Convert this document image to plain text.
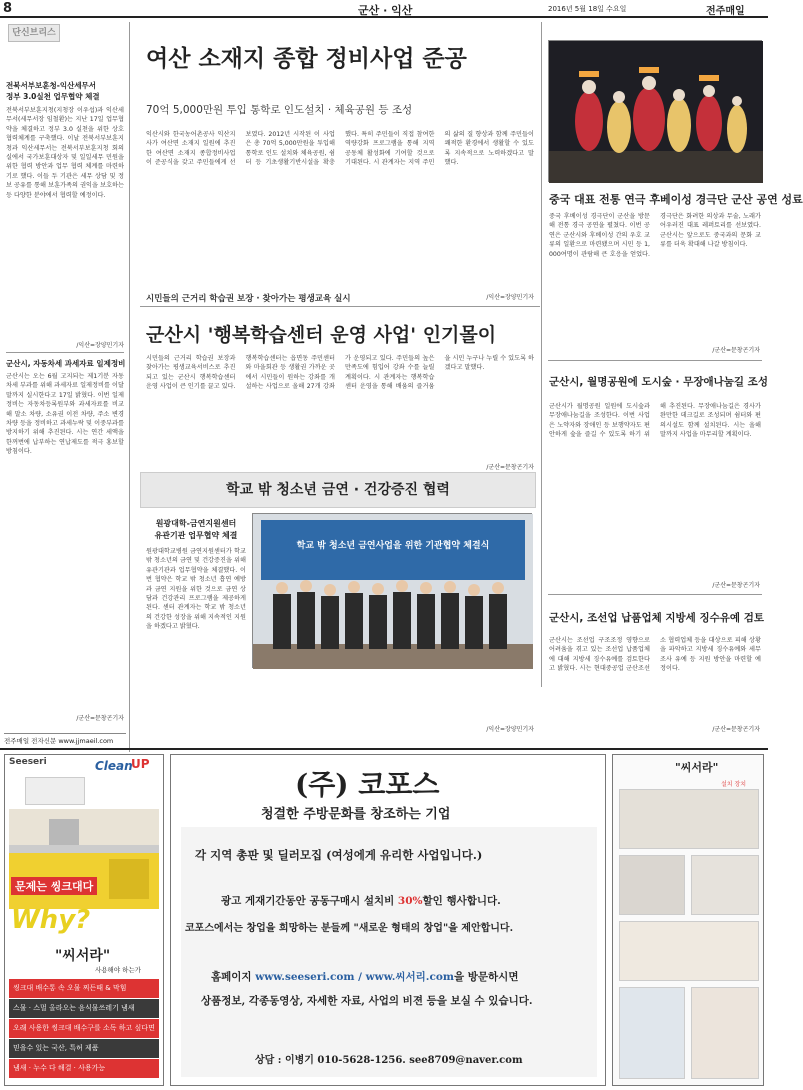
8	군산 · 익산	2016년 5월 18일 수요일	전주매일
단신브리스
전북서부보훈청-익산세무서
정부 3.0실천 업무협약 체결
전북서부보훈지청(지청장 이우섭)과 익산세무서(세무서장 임철환)는 지난 17일 업무협약을 체결하고 정부 3.0 실천을 위한 상호 협력체계를 구축했다. 이날 전북서부보훈지청과 익산세무서는 전북서부보훈지청 회의실에서 국가보훈대상자 및 일일세무 민원을 위한 협력 방안과 업무 협력 체계를 마련하기로 했다. 이들 두 기관은 세무 상담 및 정보 공유를 통해 보훈가족의 권익을 보호하는 등 다양한 분야에서 협력할 예정이다.
/익산=장양민기자
군산시, 자동차세 과세자료 일제정비
군산시는 오는 6월 고지되는 제1기분 자동차세 부과를 위해 과세자료 일제정비를 이달 말까지 실시한다고 17일 밝혔다. 이번 일제정비는 자동차등록원부와 과세자료를 비교해 말소 차량, 소유권 이전 차량, 주소 변경 차량 등을 정비하고 과세누락 및 이중부과를 방지하기 위해 추진된다. 시는 연간 세액을 한꺼번에 납부하는 연납제도를 적극 홍보할 방침이다.
/군산=문창곤기자
전주매일 전자신문 www.jjmaeil.com
여산 소재지 종합 정비사업 준공
70억 5,000만원 투입 통학로 인도설치 · 체육공원 등 조성
익산시와 한국농어촌공사 익산지사가 여산면 소재지 일원에 추진한 여산면 소재지 종합정비사업이 준공식을 갖고 주민들에게 선보였다. 2012년 시작된 이 사업은 총 70억 5,000만원을 투입해 통학로 인도 설치와 체육공원, 쉼터 등 기초생활기반시설을 확충했다. 특히 주민들이 직접 참여한 역량강화 프로그램을 통해 지역 공동체 활성화에 기여할 것으로 기대된다. 시 관계자는 지역 주민의 삶의 질 향상과 함께 주민들이 쾌적한 환경에서 생활할 수 있도록 지속적으로 노력하겠다고 말했다.
/익산=장양민기자
중국 대표 전통 연극 후베이성 경극단 군산 공연 성료
중국 후베이성 경극단이 군산을 방문해 전통 경극 공연을 펼쳤다. 이번 공연은 군산시와 후베이성 간의 우호 교류의 일환으로 마련됐으며 시민 등 1,000여명이 관람해 큰 호응을 얻었다. 경극단은 화려한 의상과 무술, 노래가 어우러진 대표 레퍼토리를 선보였다. 군산시는 앞으로도 중국과의 문화 교류를 더욱 확대해 나갈 방침이다.
/군산=문창곤기자
시민들의 근거리 학습권 보장 · 찾아가는 평생교육 실시
군산시 '행복학습센터 운영 사업' 인기몰이
시민들의 근거리 학습권 보장과 찾아가는 평생교육서비스로 추진되고 있는 군산시 행복학습센터 운영 사업이 큰 인기를 끌고 있다. 행복학습센터는 읍면동 주민센터와 마을회관 등 생활권 가까운 곳에서 시민들이 원하는 강좌를 개설하는 사업으로 올해 27개 강좌가 운영되고 있다. 주민들의 높은 만족도에 힘입어 강좌 수를 늘릴 계획이다. 시 관계자는 행복학습센터 운영을 통해 배움의 즐거움을 시민 누구나 누릴 수 있도록 하겠다고 말했다.
/군산=문창곤기자
군산시, 월명공원에 도시숲 · 무장애나눔길 조성
군산시가 월명공원 일원에 도시숲과 무장애나눔길을 조성한다. 이번 사업은 노약자와 장애인 등 보행약자도 편안하게 숲을 즐길 수 있도록 하기 위해 추진된다. 무장애나눔길은 경사가 완만한 데크길로 조성되며 쉼터와 편의시설도 함께 설치된다. 시는 올해 말까지 사업을 마무리할 계획이다.
/군산=문창곤기자
군산시, 조선업 납품업체 지방세 징수유예 검토
군산시는 조선업 구조조정 영향으로 어려움을 겪고 있는 조선업 납품업체에 대해 지방세 징수유예를 검토한다고 밝혔다. 시는 현대중공업 군산조선소 협력업체 등을 대상으로 피해 상황을 파악하고 지방세 징수유예와 세무조사 유예 등 지원 방안을 마련할 예정이다.
/군산=문창곤기자
학교 밖 청소년 금연 · 건강증진 협력
원광대학-금연지원센터
유관기관 업무협약 체결
원광대학교병원 금연지원센터가 학교 밖 청소년의 금연 및 건강증진을 위해 유관기관과 업무협약을 체결했다. 이번 협약은 학교 밖 청소년 흡연 예방과 금연 지원을 위한 것으로 금연 상담과 건강관리 프로그램을 제공하게 된다. 센터 관계자는 학교 밖 청소년의 건강한 성장을 위해 지속적인 지원을 하겠다고 밝혔다.
학교 밖 청소년 금연사업을 위한 기관협약 체결식
/익산=장양민기자
Seeseri	Clean
UP
문제는 씽크대다
Why?
"씨서라"
사용해야 하는가
씽크대 배수통 속 오물 찌든때 & 막힘
스물 · 스멀 올라오는 음식물쓰레기 냄새
오래 사용한 씽크대 배수구를 소독 하고 싶다면
믿을수 있는 국산, 특허 제품
냄새 · 누수 다 해결 · 사용가능
(주) 코포스
청결한 주방문화를 창조하는 기업
각 지역 총판 및 딜러모집 (여성에게 유리한 사업입니다.)
광고 게재기간동안 공동구매시 설치비 30%할인 행사합니다.
코포스에서는 창업을 희망하는 분들께 "새로운 형태의 창업"을 제안합니다.
홈페이지 www.seeseri.com / www.씨서리.com을 방문하시면
상품정보, 각종동영상, 자세한 자료, 사업의 비젼 등을 보실 수 있습니다.
상담 : 이병기 010-5628-1256. see8709@naver.com
"씨서라"
설치 장치
